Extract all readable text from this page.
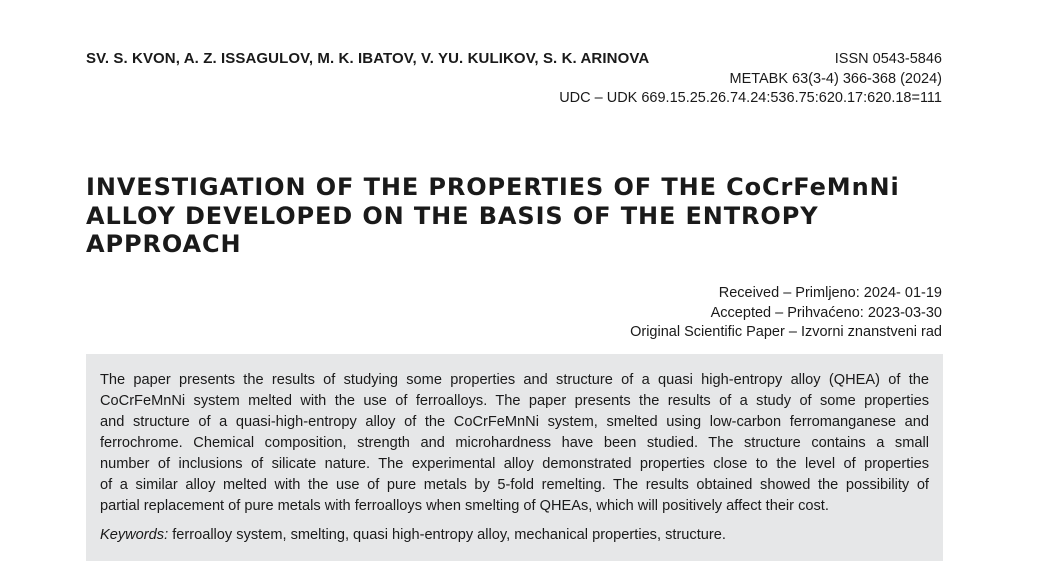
SV. S. KVON, A. Z. ISSAGULOV, M. K. IBATOV, V. YU. KULIKOV, S. K. ARINOVA	ISSN 0543-5846
METABK 63(3-4) 366-368 (2024)
UDC – UDK 669.15.25.26.74.24:536.75:620.17:620.18=111
INVESTIGATION OF THE PROPERTIES OF THE CoCrFeMnNi
ALLOY DEVELOPED ON THE BASIS OF THE ENTROPY
APPROACH
Received – Primljeno: 2024- 01-19
Accepted – Prihvaćeno: 2023-03-30
Original Scientific Paper – Izvorni znanstveni rad
The paper presents the results of studying some properties and structure of a quasi high-entropy alloy (QHEA) of the
CoCrFeMnNi system melted with the use of ferroalloys. The paper presents the results of a study of some properties
and structure of a quasi-high-entropy alloy of the CoCrFeMnNi system, smelted using low-carbon ferromanganese and
ferrochrome. Chemical composition, strength and microhardness have been studied. The structure contains a small
number of inclusions of silicate nature. The experimental alloy demonstrated properties close to the level of properties
of a similar alloy melted with the use of pure metals by 5-fold remelting. The results obtained showed the possibility of
partial replacement of pure metals with ferroalloys when smelting of QHEAs, which will positively affect their cost.
Keywords: ferroalloy system, smelting, quasi high-entropy alloy, mechanical properties, structure.
